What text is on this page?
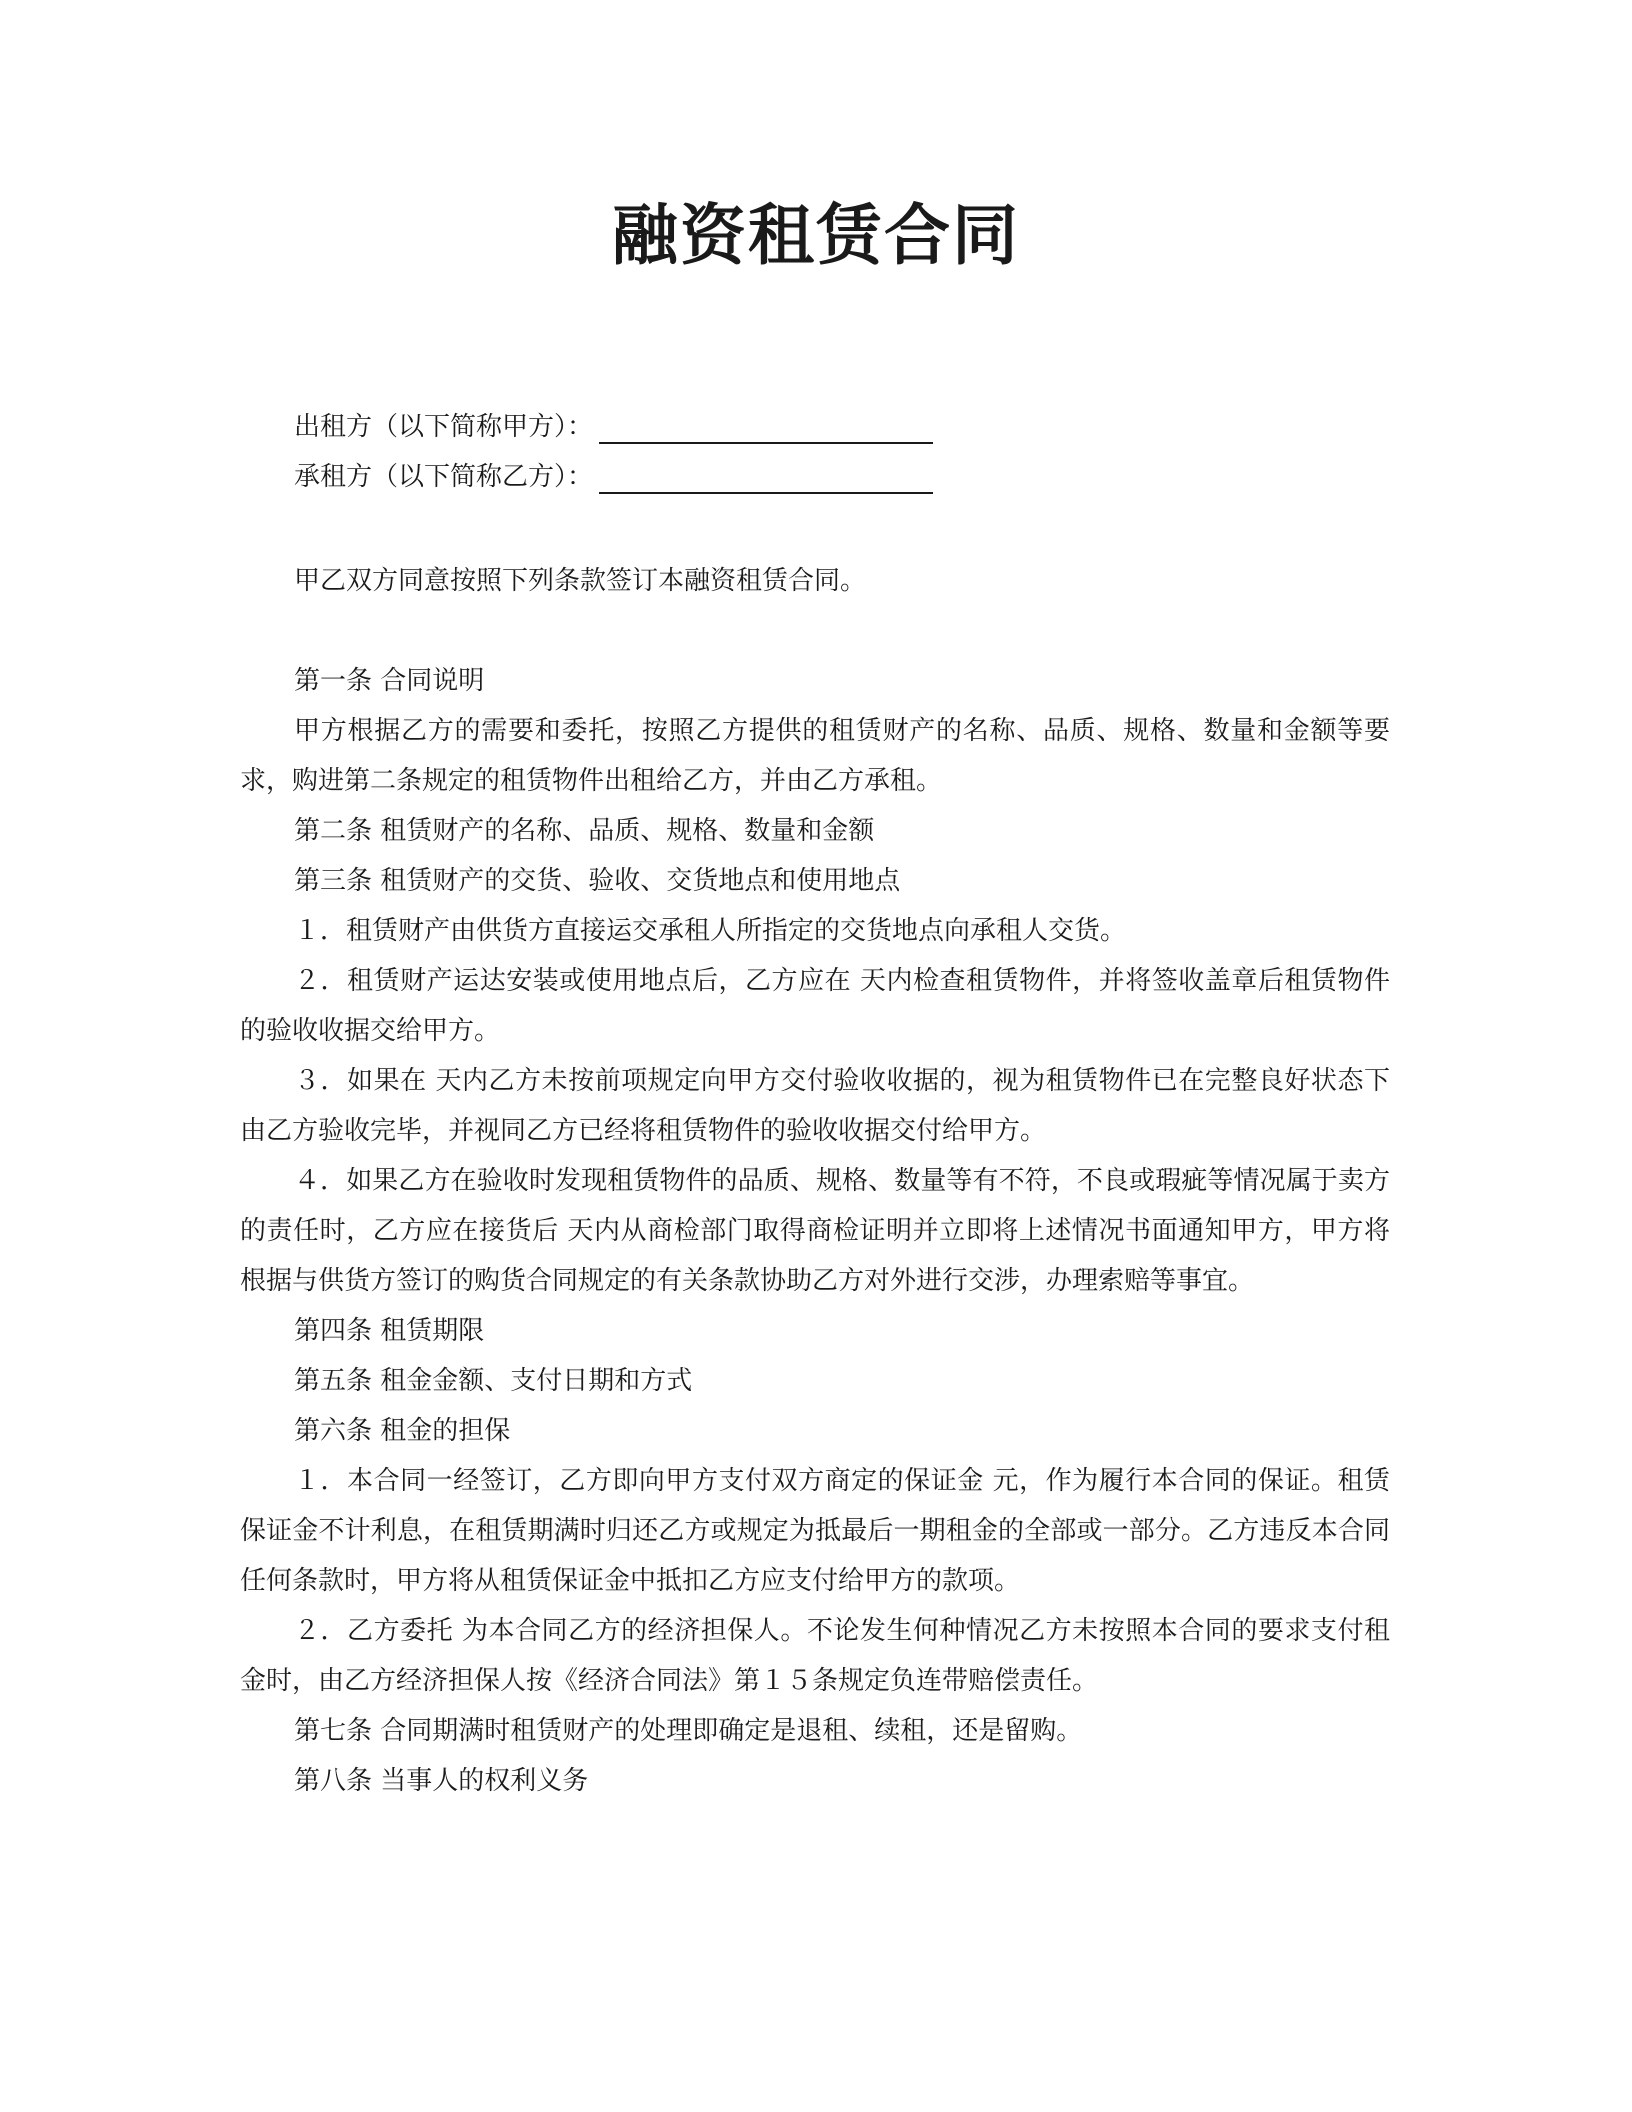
融资租赁合同
出租方（以下简称甲方）：
承租方（以下简称乙方）：

甲乙双方同意按照下列条款签订本融资租赁合同。

第一条 合同说明

甲方根据乙方的需要和委托，按照乙方提供的租赁财产的名称、品质、规格、数量和金额等要求，购进第二条规定的租赁物件出租给乙方，并由乙方承租。

第二条 租赁财产的名称、品质、规格、数量和金额

第三条 租赁财产的交货、验收、交货地点和使用地点

１．租赁财产由供货方直接运交承租人所指定的交货地点向承租人交货。

２．租赁财产运达安装或使用地点后，乙方应在 天内检查租赁物件，并将签收盖章后租赁物件的验收收据交给甲方。

３．如果在 天内乙方未按前项规定向甲方交付验收收据的，视为租赁物件已在完整良好状态下由乙方验收完毕，并视同乙方已经将租赁物件的验收收据交付给甲方。

４．如果乙方在验收时发现租赁物件的品质、规格、数量等有不符，不良或瑕疵等情况属于卖方的责任时，乙方应在接货后 天内从商检部门取得商检证明并立即将上述情况书面通知甲方，甲方将根据与供货方签订的购货合同规定的有关条款协助乙方对外进行交涉，办理索赔等事宜。

第四条 租赁期限

第五条 租金金额、支付日期和方式

第六条 租金的担保

１．本合同一经签订，乙方即向甲方支付双方商定的保证金 元，作为履行本合同的保证。租赁保证金不计利息，在租赁期满时归还乙方或规定为抵最后一期租金的全部或一部分。乙方违反本合同任何条款时，甲方将从租赁保证金中抵扣乙方应支付给甲方的款项。

２．乙方委托 为本合同乙方的经济担保人。不论发生何种情况乙方未按照本合同的要求支付租金时，由乙方经济担保人按《经济合同法》第１５条规定负连带赔偿责任。

第七条 合同期满时租赁财产的处理即确定是退租、续租，还是留购。

第八条 当事人的权利义务
